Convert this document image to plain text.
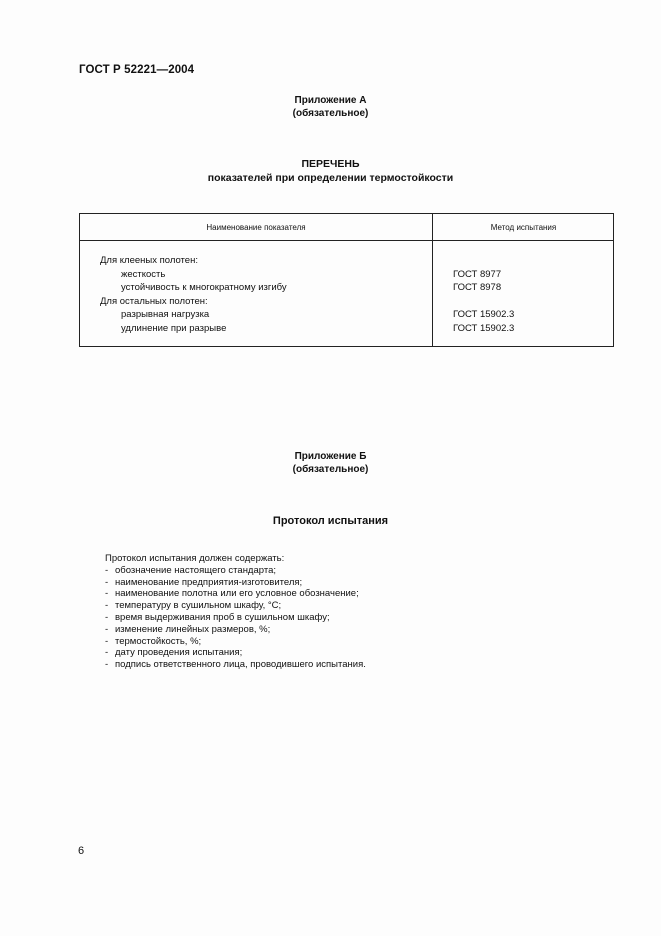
ГОСТ Р 52221—2004
Приложение А
(обязательное)
ПЕРЕЧЕНЬ
показателей при определении термостойкости
Наименование показателя	Метод испытания
Для клееных полотен:
жесткость	ГОСТ 8977
устойчивость к многократному изгибу	ГОСТ 8978
Для остальных полотен:
разрывная нагрузка	ГОСТ 15902.3
удлинение при разрыве	ГОСТ 15902.3
Приложение Б
(обязательное)
Протокол испытания
Протокол испытания должен содержать:
- обозначение настоящего стандарта;
- наименование предприятия-изготовителя;
- наименование полотна или его условное обозначение;
- температуру в сушильном шкафу, °С;
- время выдерживания проб в сушильном шкафу;
- изменение линейных размеров, %;
- термостойкость, %;
- дату проведения испытания;
- подпись ответственного лица, проводившего испытания.
6
